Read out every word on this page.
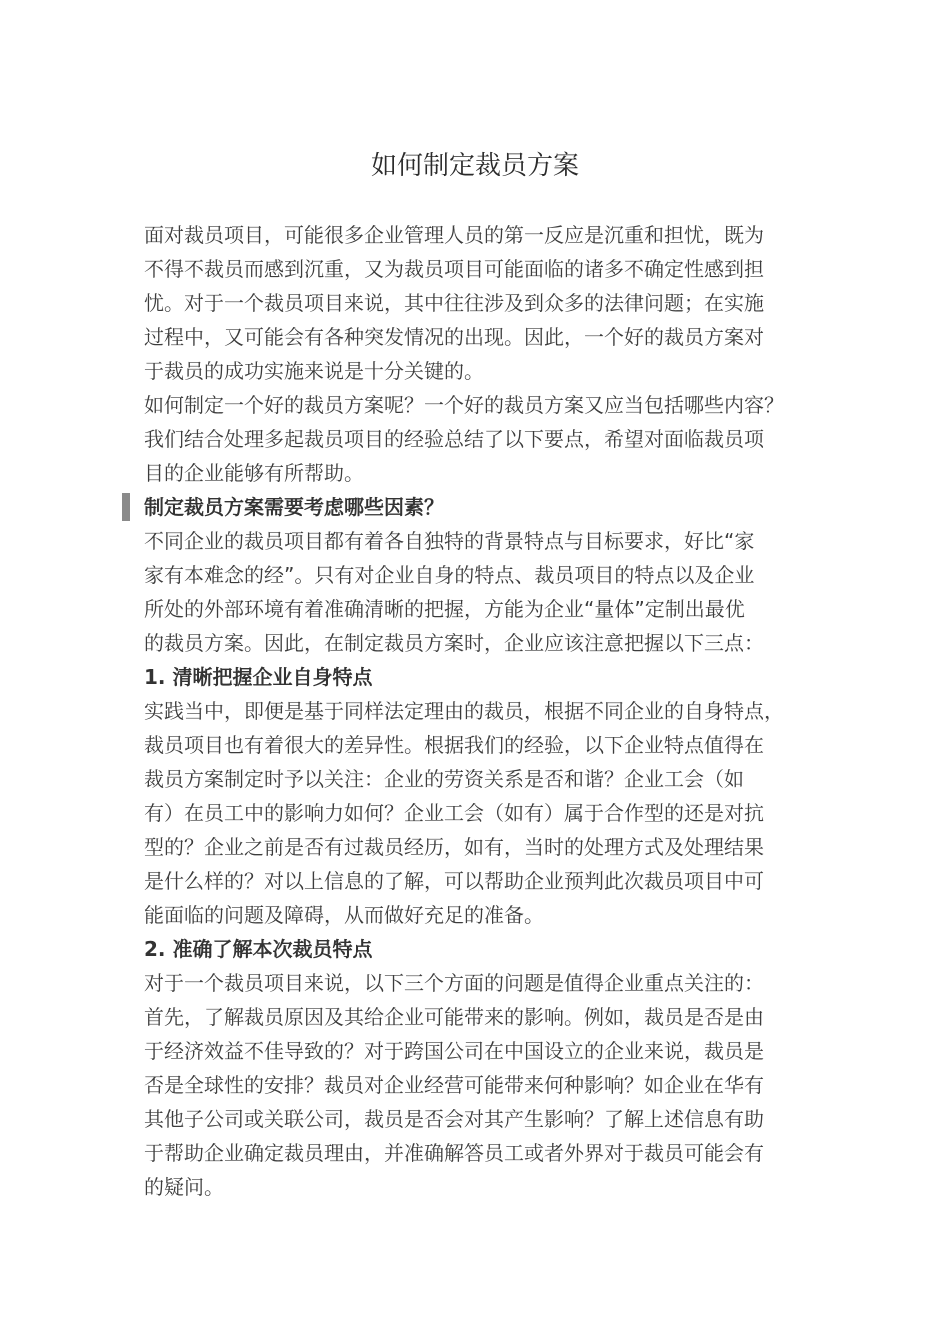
如何制定裁员方案
面对裁员项目，可能很多企业管理人员的第一反应是沉重和担忧，既为
不得不裁员而感到沉重，又为裁员项目可能面临的诸多不确定性感到担
忧。对于一个裁员项目来说，其中往往涉及到众多的法律问题；在实施
过程中，又可能会有各种突发情况的出现。因此，一个好的裁员方案对
于裁员的成功实施来说是十分关键的。
如何制定一个好的裁员方案呢？一个好的裁员方案又应当包括哪些内容？
我们结合处理多起裁员项目的经验总结了以下要点，希望对面临裁员项
目的企业能够有所帮助。
制定裁员方案需要考虑哪些因素？
不同企业的裁员项目都有着各自独特的背景特点与目标要求，好比“家
家有本难念的经”。只有对企业自身的特点、裁员项目的特点以及企业
所处的外部环境有着准确清晰的把握，方能为企业“量体”定制出最优
的裁员方案。因此，在制定裁员方案时，企业应该注意把握以下三点：
1. 清晰把握企业自身特点
实践当中，即便是基于同样法定理由的裁员，根据不同企业的自身特点，
裁员项目也有着很大的差异性。根据我们的经验，以下企业特点值得在
裁员方案制定时予以关注：企业的劳资关系是否和谐？企业工会（如
有）在员工中的影响力如何？企业工会（如有）属于合作型的还是对抗
型的？企业之前是否有过裁员经历，如有，当时的处理方式及处理结果
是什么样的？对以上信息的了解，可以帮助企业预判此次裁员项目中可
能面临的问题及障碍，从而做好充足的准备。
2. 准确了解本次裁员特点
对于一个裁员项目来说，以下三个方面的问题是值得企业重点关注的：
首先，了解裁员原因及其给企业可能带来的影响。例如，裁员是否是由
于经济效益不佳导致的？对于跨国公司在中国设立的企业来说，裁员是
否是全球性的安排？裁员对企业经营可能带来何种影响？如企业在华有
其他子公司或关联公司，裁员是否会对其产生影响？了解上述信息有助
于帮助企业确定裁员理由，并准确解答员工或者外界对于裁员可能会有
的疑问。
